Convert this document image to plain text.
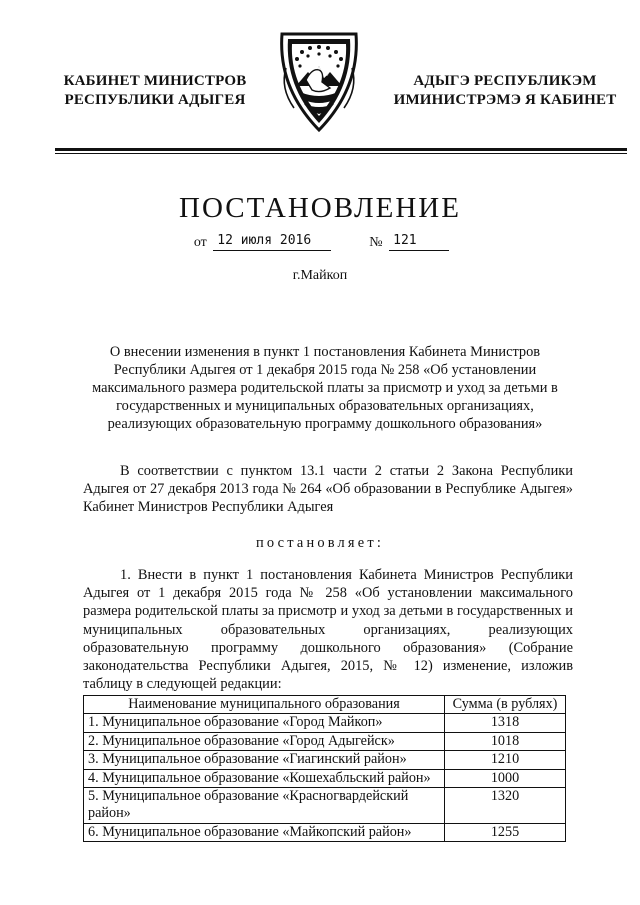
КАБИНЕТ МИНИСТРОВ
РЕСПУБЛИКИ АДЫГЕЯ
АДЫГЭ РЕСПУБЛИКЭМ
ИМИНИСТРЭМЭ Я КАБИНЕТ
ПОСТАНОВЛЕНИЕ
от 12 июля 2016	№ 121
г.Майкоп
О внесении изменения в пункт 1 постановления Кабинета Министров Республики Адыгея от 1 декабря 2015 года № 258 «Об установлении максимального размера родительской платы за присмотр и уход за детьми в государственных и муниципальных образовательных организациях, реализующих образовательную программу дошкольного образования»
В соответствии с пунктом 13.1 части 2 статьи 2 Закона Республики Адыгея от 27 декабря 2013 года № 264 «Об образовании в Республике Адыгея» Кабинет Министров Республики Адыгея
постановляет:
1. Внести в пункт 1 постановления Кабинета Министров Республики Адыгея от 1 декабря 2015 года № 258 «Об установлении максимального размера родительской платы за присмотр и уход за детьми в государственных и муниципальных образовательных организациях, реализующих образовательную программу дошкольного образования» (Собрание законодательства Республики Адыгея, 2015, № 12) изменение, изложив таблицу в следующей редакции:
Наименование муниципального образования	Сумма (в рублях)
1. Муниципальное образование «Город Майкоп»	1318
2. Муниципальное образование «Город Адыгейск»	1018
3. Муниципальное образование «Гиагинский район»	1210
4. Муниципальное образование «Кошехабльский район»	1000
5. Муниципальное образование «Красногвардейский район»	1320
6. Муниципальное образование «Майкопский район»	1255
